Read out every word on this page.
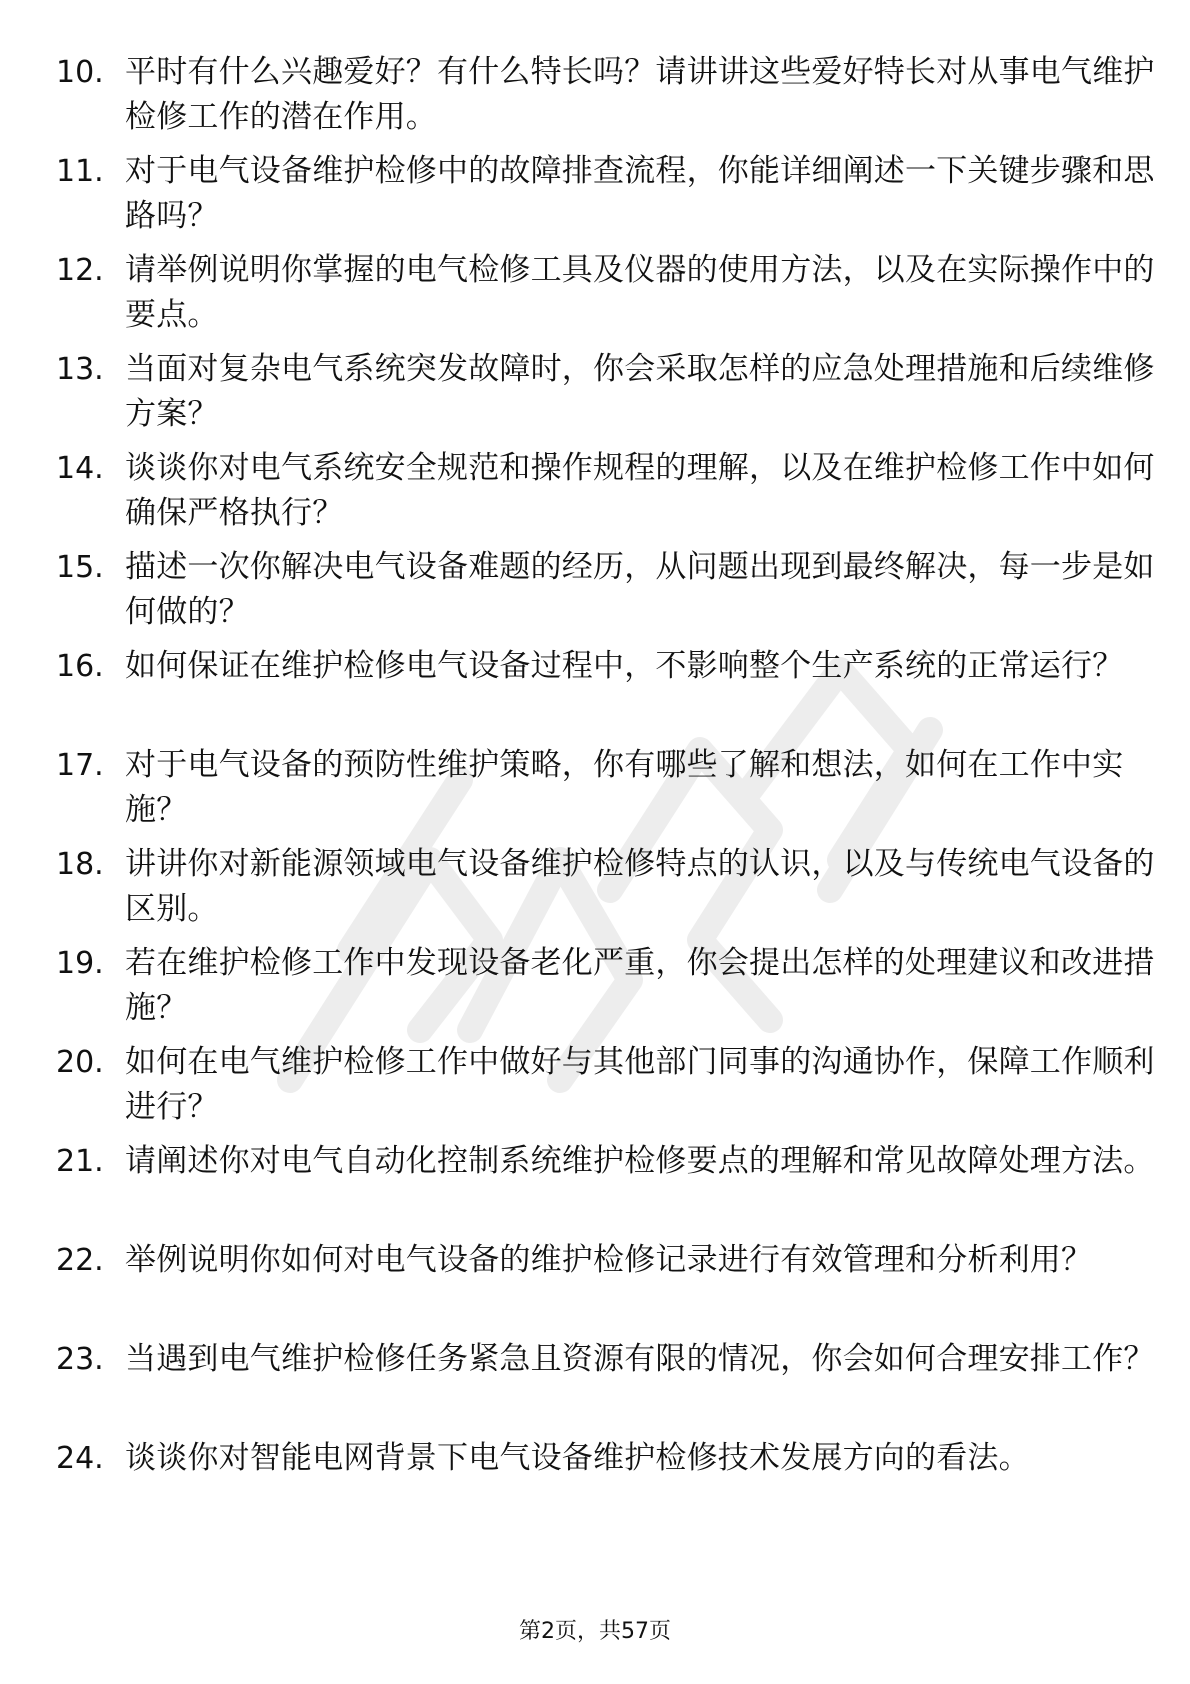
10. 平时有什么兴趣爱好？有什么特长吗？请讲讲这些爱好特长对从事电气维护检修工作的潜在作用。
11. 对于电气设备维护检修中的故障排查流程，你能详细阐述一下关键步骤和思路吗？
12. 请举例说明你掌握的电气检修工具及仪器的使用方法，以及在实际操作中的要点。
13. 当面对复杂电气系统突发故障时，你会采取怎样的应急处理措施和后续维修方案？
14. 谈谈你对电气系统安全规范和操作规程的理解，以及在维护检修工作中如何确保严格执行？
15. 描述一次你解决电气设备难题的经历，从问题出现到最终解决，每一步是如何做的？
16. 如何保证在维护检修电气设备过程中，不影响整个生产系统的正常运行？
17. 对于电气设备的预防性维护策略，你有哪些了解和想法，如何在工作中实施？
18. 讲讲你对新能源领域电气设备维护检修特点的认识，以及与传统电气设备的区别。
19. 若在维护检修工作中发现设备老化严重，你会提出怎样的处理建议和改进措施？
20. 如何在电气维护检修工作中做好与其他部门同事的沟通协作，保障工作顺利进行？
21. 请阐述你对电气自动化控制系统维护检修要点的理解和常见故障处理方法。
22. 举例说明你如何对电气设备的维护检修记录进行有效管理和分析利用？
23. 当遇到电气维护检修任务紧急且资源有限的情况，你会如何合理安排工作？
24. 谈谈你对智能电网背景下电气设备维护检修技术发展方向的看法。
第2页，共57页
